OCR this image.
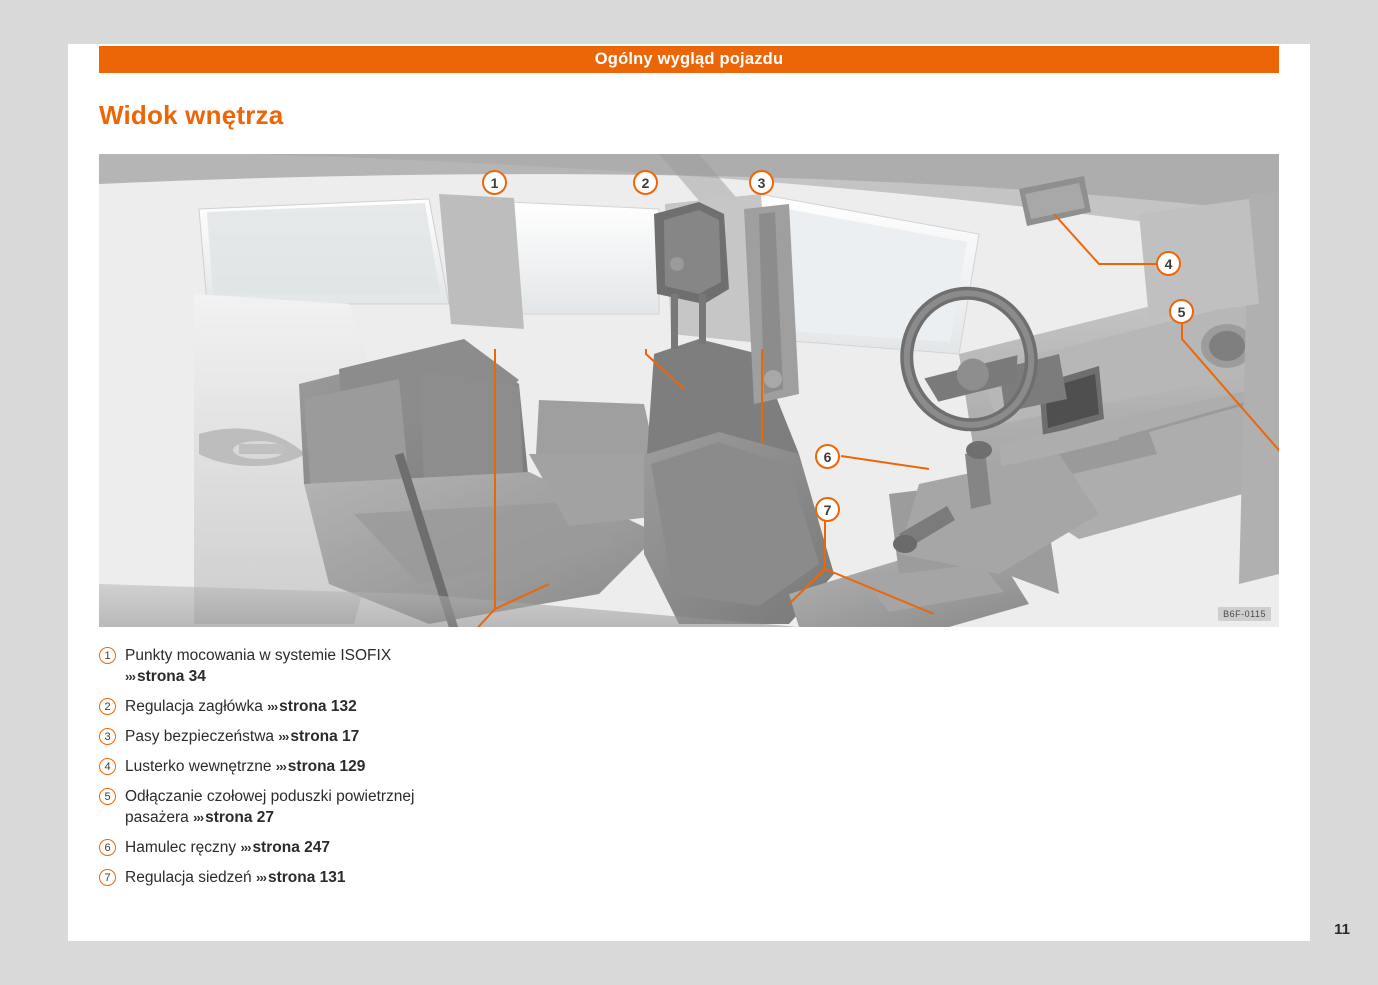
Ogólny wygląd pojazdu
Widok wnętrza
1	2	3
4
5
6
7
B6F-0115
1 Punkty mocowania w systemie ISOFIX
››› strona 34
2 Regulacja zagłówka ››› strona 132
3 Pasy bezpieczeństwa ››› strona 17
4 Lusterko wewnętrzne ››› strona 129
5 Odłączanie czołowej poduszki powietrznej pasażera ››› strona 27
6 Hamulec ręczny ››› strona 247
7 Regulacja siedzeń ››› strona 131
11
